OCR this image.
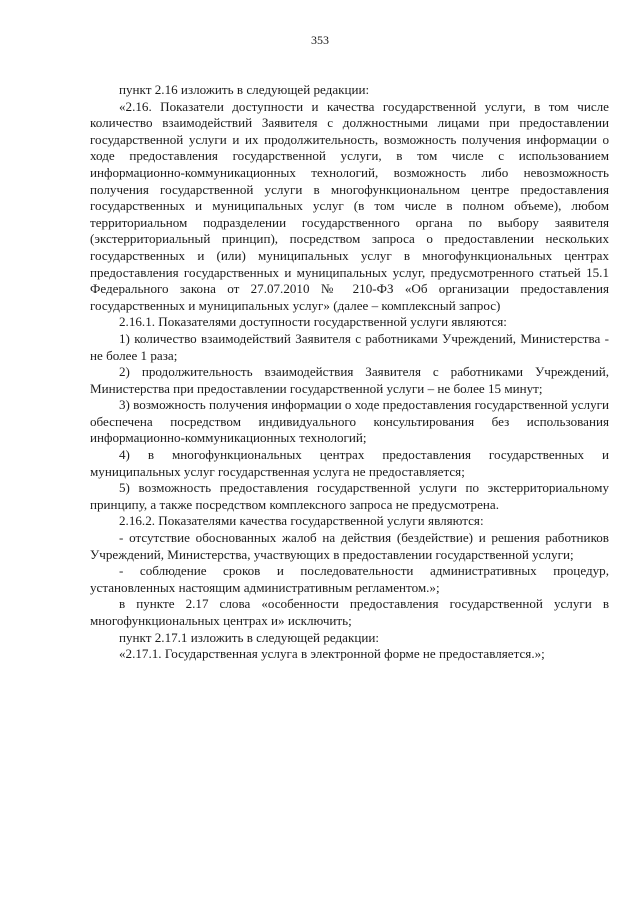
353

пункт 2.16 изложить в следующей редакции:

«2.16. Показатели доступности и качества государственной услуги, в том числе количество взаимодействий Заявителя с должностными лицами при предоставлении государственной услуги и их продолжительность, возможность получения информации о ходе предоставления государственной услуги, в том числе с использованием информационно-коммуникационных технологий, возможность либо невозможность получения государственной услуги в многофункциональном центре предоставления государственных и муниципальных услуг (в том числе в полном объеме), любом территориальном подразделении государственного органа по выбору заявителя (экстерриториальный принцип), посредством запроса о предоставлении нескольких государственных и (или) муниципальных услуг в многофункциональных центрах предоставления государственных и муниципальных услуг, предусмотренного статьей 15.1 Федерального закона от 27.07.2010 № 210-ФЗ «Об организации предоставления государственных и муниципальных услуг» (далее – комплексный запрос)

2.16.1. Показателями доступности государственной услуги являются:

1) количество взаимодействий Заявителя с работниками Учреждений, Министерства - не более 1 раза;

2) продолжительность взаимодействия Заявителя с работниками Учреждений, Министерства при предоставлении государственной услуги – не более 15 минут;

3) возможность получения информации о ходе предоставления государственной услуги обеспечена посредством индивидуального консультирования без использования информационно-коммуникационных технологий;

4) в многофункциональных центрах предоставления государственных и муниципальных услуг государственная услуга не предоставляется;

5) возможность предоставления государственной услуги по экстерриториальному принципу, а также посредством комплексного запроса не предусмотрена.

2.16.2. Показателями качества государственной услуги являются:

- отсутствие обоснованных жалоб на действия (бездействие) и решения работников Учреждений, Министерства, участвующих в предоставлении государственной услуги;

- соблюдение сроков и последовательности административных процедур, установленных настоящим административным регламентом.»;

в пункте 2.17 слова «особенности предоставления государственной услуги в многофункциональных центрах и» исключить;

пункт 2.17.1 изложить в следующей редакции:

«2.17.1. Государственная услуга в электронной форме не предоставляется.»;
